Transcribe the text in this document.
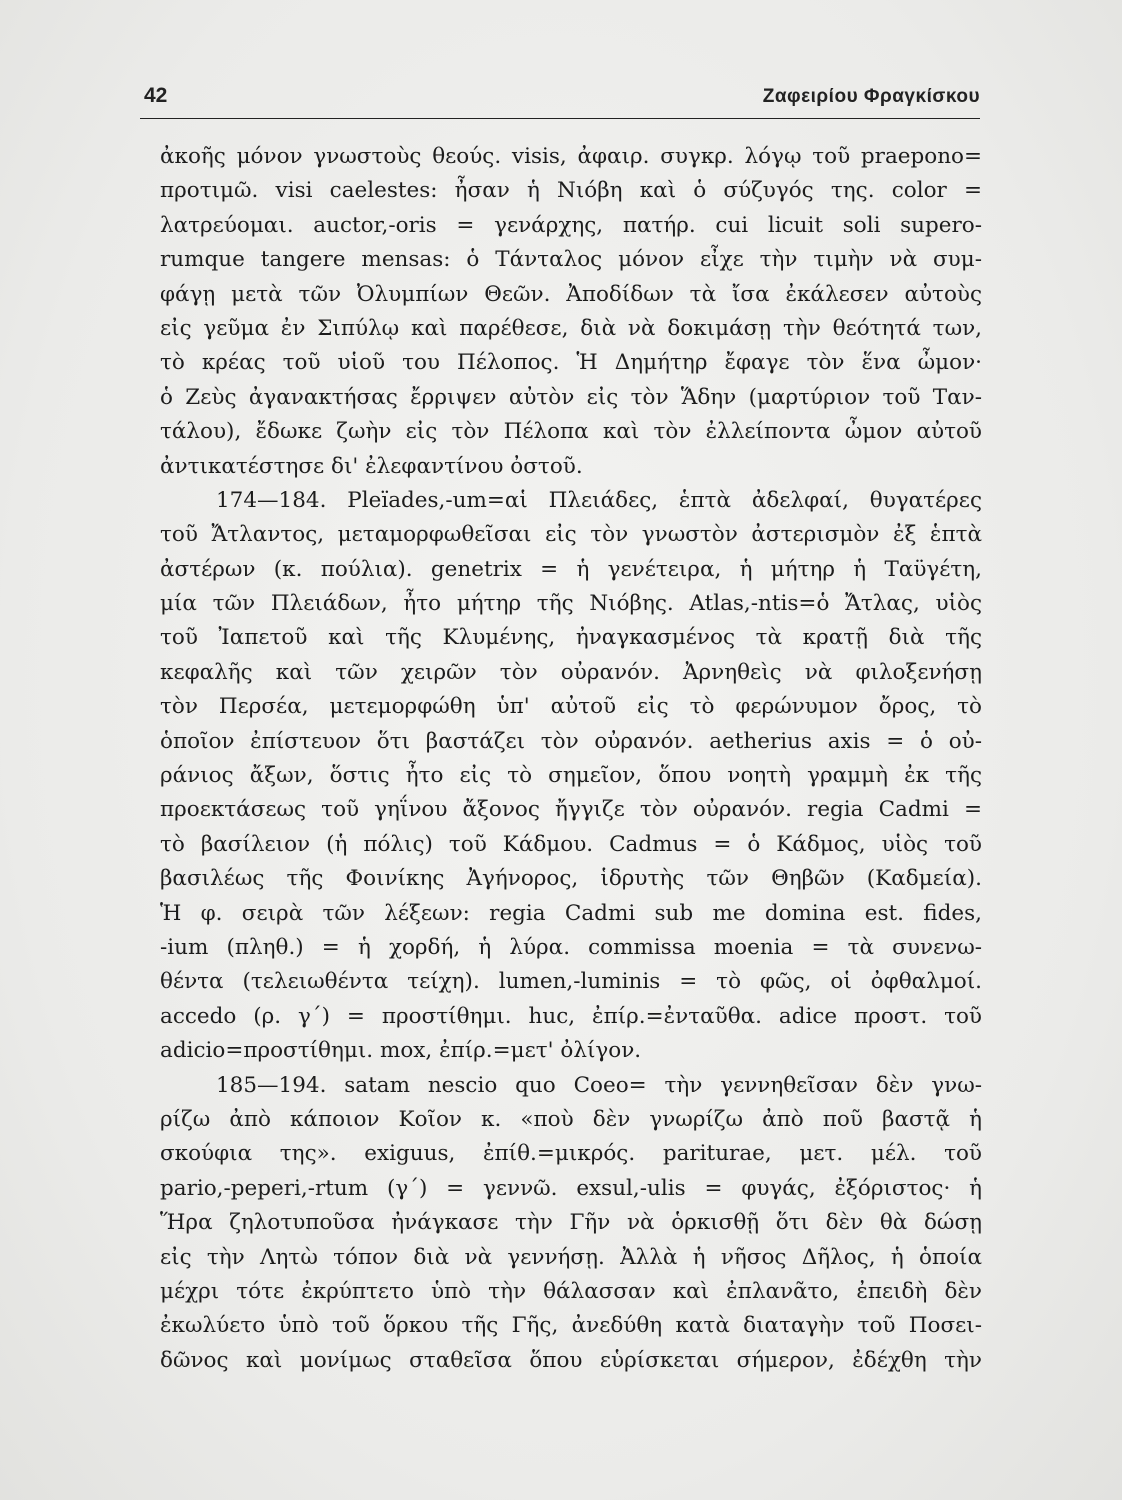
42	Ζαφειρίου Φραγκίσκου
ἀκοῆς μόνον γνωστοὺς θεούς. visis, ἀφαιρ. συγκρ. λόγῳ τοῦ praepono=
προτιμῶ. visi caelestes: ἦσαν ἡ Νιόβη καὶ ὁ σύζυγός της. color =
λατρεύομαι. auctor,-oris = γενάρχης, πατήρ. cui licuit soli supero-
rumque tangere mensas: ὁ Τάνταλος μόνον εἶχε τὴν τιμὴν νὰ συμ-
φάγῃ μετὰ τῶν Ὀλυμπίων Θεῶν. Ἀποδίδων τὰ ἴσα ἐκάλεσεν αὐτοὺς
εἰς γεῦμα ἐν Σιπύλῳ καὶ παρέθεσε, διὰ νὰ δοκιμάσῃ τὴν θεότητά των,
τὸ κρέας τοῦ υἱοῦ του Πέλοπος. Ἡ Δημήτηρ ἔφαγε τὸν ἕνα ὦμον·
ὁ Ζεὺς ἀγανακτήσας ἔρριψεν αὐτὸν εἰς τὸν Ἅδην (μαρτύριον τοῦ Ταν-
τάλου), ἔδωκε ζωὴν εἰς τὸν Πέλοπα καὶ τὸν ἐλλείποντα ὦμον αὐτοῦ
ἀντικατέστησε δι' ἐλεφαντίνου ὀστοῦ.
174—184. Pleïades,-um=αἱ Πλειάδες, ἑπτὰ ἀδελφαί, θυγατέρες
τοῦ Ἄτλαντος, μεταμορφωθεῖσαι εἰς τὸν γνωστὸν ἀστερισμὸν ἐξ ἑπτὰ
ἀστέρων (κ. πούλια). genetrix = ἡ γενέτειρα, ἡ μήτηρ ἡ Ταϋγέτη,
μία τῶν Πλειάδων, ἦτο μήτηρ τῆς Νιόβης. Atlas,-ntis=ὁ Ἄτλας, υἱὸς
τοῦ Ἰαπετοῦ καὶ τῆς Κλυμένης, ἠναγκασμένος τὰ κρατῇ διὰ τῆς
κεφαλῆς καὶ τῶν χειρῶν τὸν οὐρανόν. Ἀρνηθεὶς νὰ φιλοξενήσῃ
τὸν Περσέα, μετεμορφώθη ὑπ' αὐτοῦ εἰς τὸ φερώνυμον ὄρος, τὸ
ὁποῖον ἐπίστευον ὅτι βαστάζει τὸν οὐρανόν. aetherius axis = ὁ οὐ-
ράνιος ἄξων, ὅστις ἦτο εἰς τὸ σημεῖον, ὅπου νοητὴ γραμμὴ ἐκ τῆς
προεκτάσεως τοῦ γηΐνου ἄξονος ἤγγιζε τὸν οὐρανόν. regia Cadmi =
τὸ βασίλειον (ἡ πόλις) τοῦ Κάδμου. Cadmus = ὁ Κάδμος, υἱὸς τοῦ
βασιλέως τῆς Φοινίκης Ἀγήνορος, ἱδρυτὴς τῶν Θηβῶν (Καδμεία).
Ἡ φ. σειρὰ τῶν λέξεων: regia Cadmi sub me domina est. fides,
-ium (πληθ.) = ἡ χορδή, ἡ λύρα. commissa moenia = τὰ συνενω-
θέντα (τελειωθέντα τείχη). lumen,-luminis = τὸ φῶς, οἱ ὀφθαλμοί.
accedo (ρ. γ΄) = προστίθημι. huc, ἐπίρ.=ἐνταῦθα. adice προστ. τοῦ
adicio=προστίθημι. mox, ἐπίρ.=μετ' ὀλίγον.
185—194. satam nescio quo Coeo= τὴν γεννηθεῖσαν δὲν γνω-
ρίζω ἀπὸ κάποιον Κοῖον κ. «ποὺ δὲν γνωρίζω ἀπὸ ποῦ βαστᾷ ἡ
σκούφια της». exiguus, ἐπίθ.=μικρός. pariturae, μετ. μέλ. τοῦ
pario,-peperi,-rtum (γ΄) = γεννῶ. exsul,-ulis = φυγάς, ἐξόριστος· ἡ
Ἥρα ζηλοτυποῦσα ἠνάγκασε τὴν Γῆν νὰ ὁρκισθῇ ὅτι δὲν θὰ δώσῃ
εἰς τὴν Λητὼ τόπον διὰ νὰ γεννήσῃ. Ἀλλὰ ἡ νῆσος Δῆλος, ἡ ὁποία
μέχρι τότε ἐκρύπτετο ὑπὸ τὴν θάλασσαν καὶ ἐπλανᾶτο, ἐπειδὴ δὲν
ἐκωλύετο ὑπὸ τοῦ ὅρκου τῆς Γῆς, ἀνεδύθη κατὰ διαταγὴν τοῦ Ποσει-
δῶνος καὶ μονίμως σταθεῖσα ὅπου εὑρίσκεται σήμερον, ἐδέχθη τὴν
